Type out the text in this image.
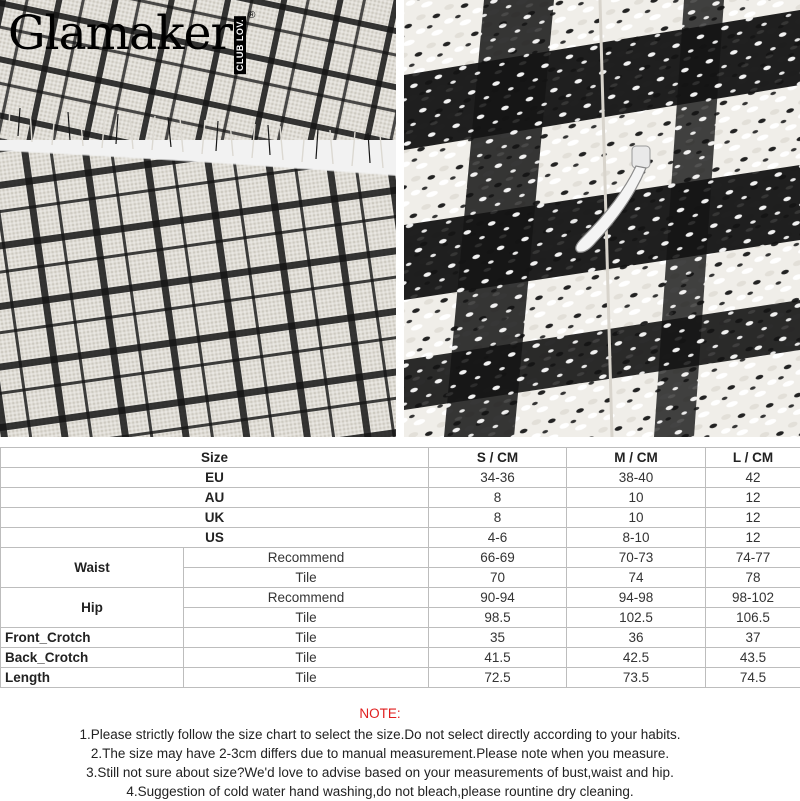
Glamaker CLUB LOV.
®
Size		S / CM	M / CM	L / CM
EU		34-36	38-40	42
AU		8	10	12
UK		8	10	12
US		4-6	8-10	12
Waist	Recommend	66-69	70-73	74-77
	Tile	70	74	78
Hip	Recommend	90-94	94-98	98-102
	Tile	98.5	102.5	106.5
Front_Crotch	Tile	35	36	37
Back_Crotch	Tile	41.5	42.5	43.5
Length	Tile	72.5	73.5	74.5
NOTE:
1.Please strictly follow the size chart to select the size.Do not select directly according to your habits.
2.The size may have 2-3cm differs due to manual measurement.Please note when you measure.
3.Still not sure about size?We'd love to advise based on your measurements of bust,waist and hip.
4.Suggestion of cold water hand washing,do not bleach,please rountine dry cleaning.
